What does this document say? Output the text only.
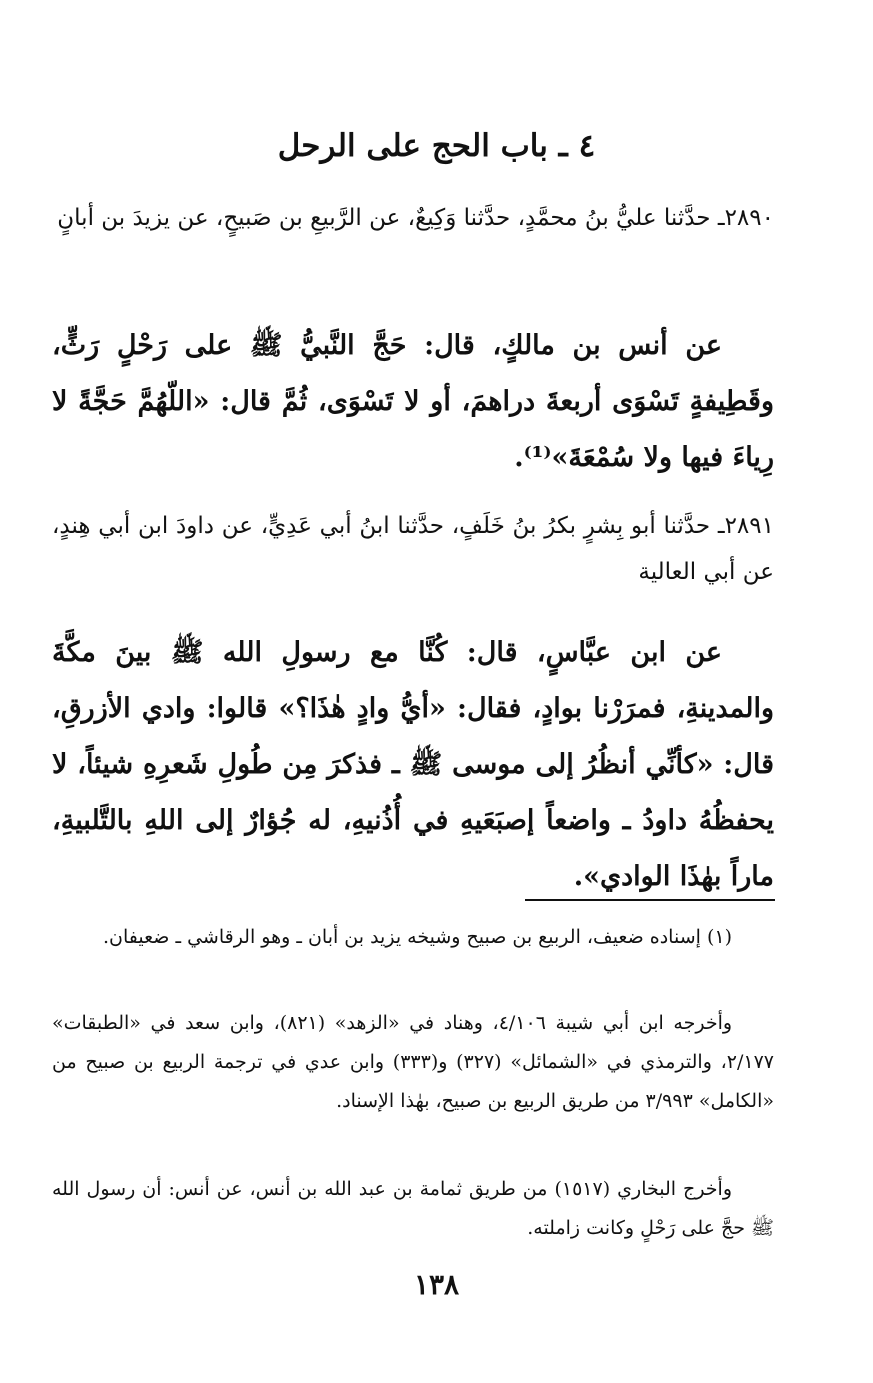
٤ ـ باب الحج على الرحل

٢٨٩٠ـ حدَّثنا عليُّ بنُ محمَّدٍ، حدَّثنا وَكِيعٌ، عن الرَّبيعِ بن صَبيحٍ، عن يزيدَ بن أبانٍ

عن أنس بن مالكٍ، قال: حَجَّ النَّبيُّ ﷺ على رَحْلٍ رَثٍّ، وقَطِيفةٍ تَسْوَى أربعةَ دراهمَ، أو لا تَسْوَى، ثُمَّ قال: «اللّهُمَّ حَجَّةً لا رِياءَ فيها ولا سُمْعَةَ»⁽¹⁾.

٢٨٩١ـ حدَّثنا أبو بِشرٍ بكرُ بنُ خَلَفٍ، حدَّثنا ابنُ أبي عَدِيٍّ، عن داودَ ابن أبي هِندٍ، عن أبي العالية

عن ابن عبَّاسٍ، قال: كُنَّا مع رسولِ الله ﷺ بينَ مكَّةَ والمدينةِ، فمرَرْنا بوادٍ، فقال: «أيُّ وادٍ هٰذَا؟» قالوا: وادي الأزرقِ، قال: «كأنِّي أنظُرُ إلى موسى ﷺ ـ فذكرَ مِن طُولِ شَعرِهِ شيئاً، لا يحفظُهُ داودُ ـ واضعاً إصبَعَيهِ في أُذُنيهِ، له جُؤارٌ إلى اللهِ بالتَّلبيةِ، ماراً بهٰذَا الوادي».

(١) إسناده ضعيف، الربيع بن صبيح وشيخه يزيد بن أبان ـ وهو الرقاشي ـ ضعيفان.

وأخرجه ابن أبي شيبة ٤/١٠٦، وهناد في «الزهد» (٨٢١)، وابن سعد في «الطبقات» ٢/١٧٧، والترمذي في «الشمائل» (٣٢٧) و(٣٣٣) وابن عدي في ترجمة الربيع بن صبيح من «الكامل» ٣/٩٩٣ من طريق الربيع بن صبيح، بهٰذا الإسناد.

وأخرج البخاري (١٥١٧) من طريق ثمامة بن عبد الله بن أنس، عن أنس: أن رسول الله ﷺ حجَّ على رَحْلٍ وكانت زاملته.

١٣٨
